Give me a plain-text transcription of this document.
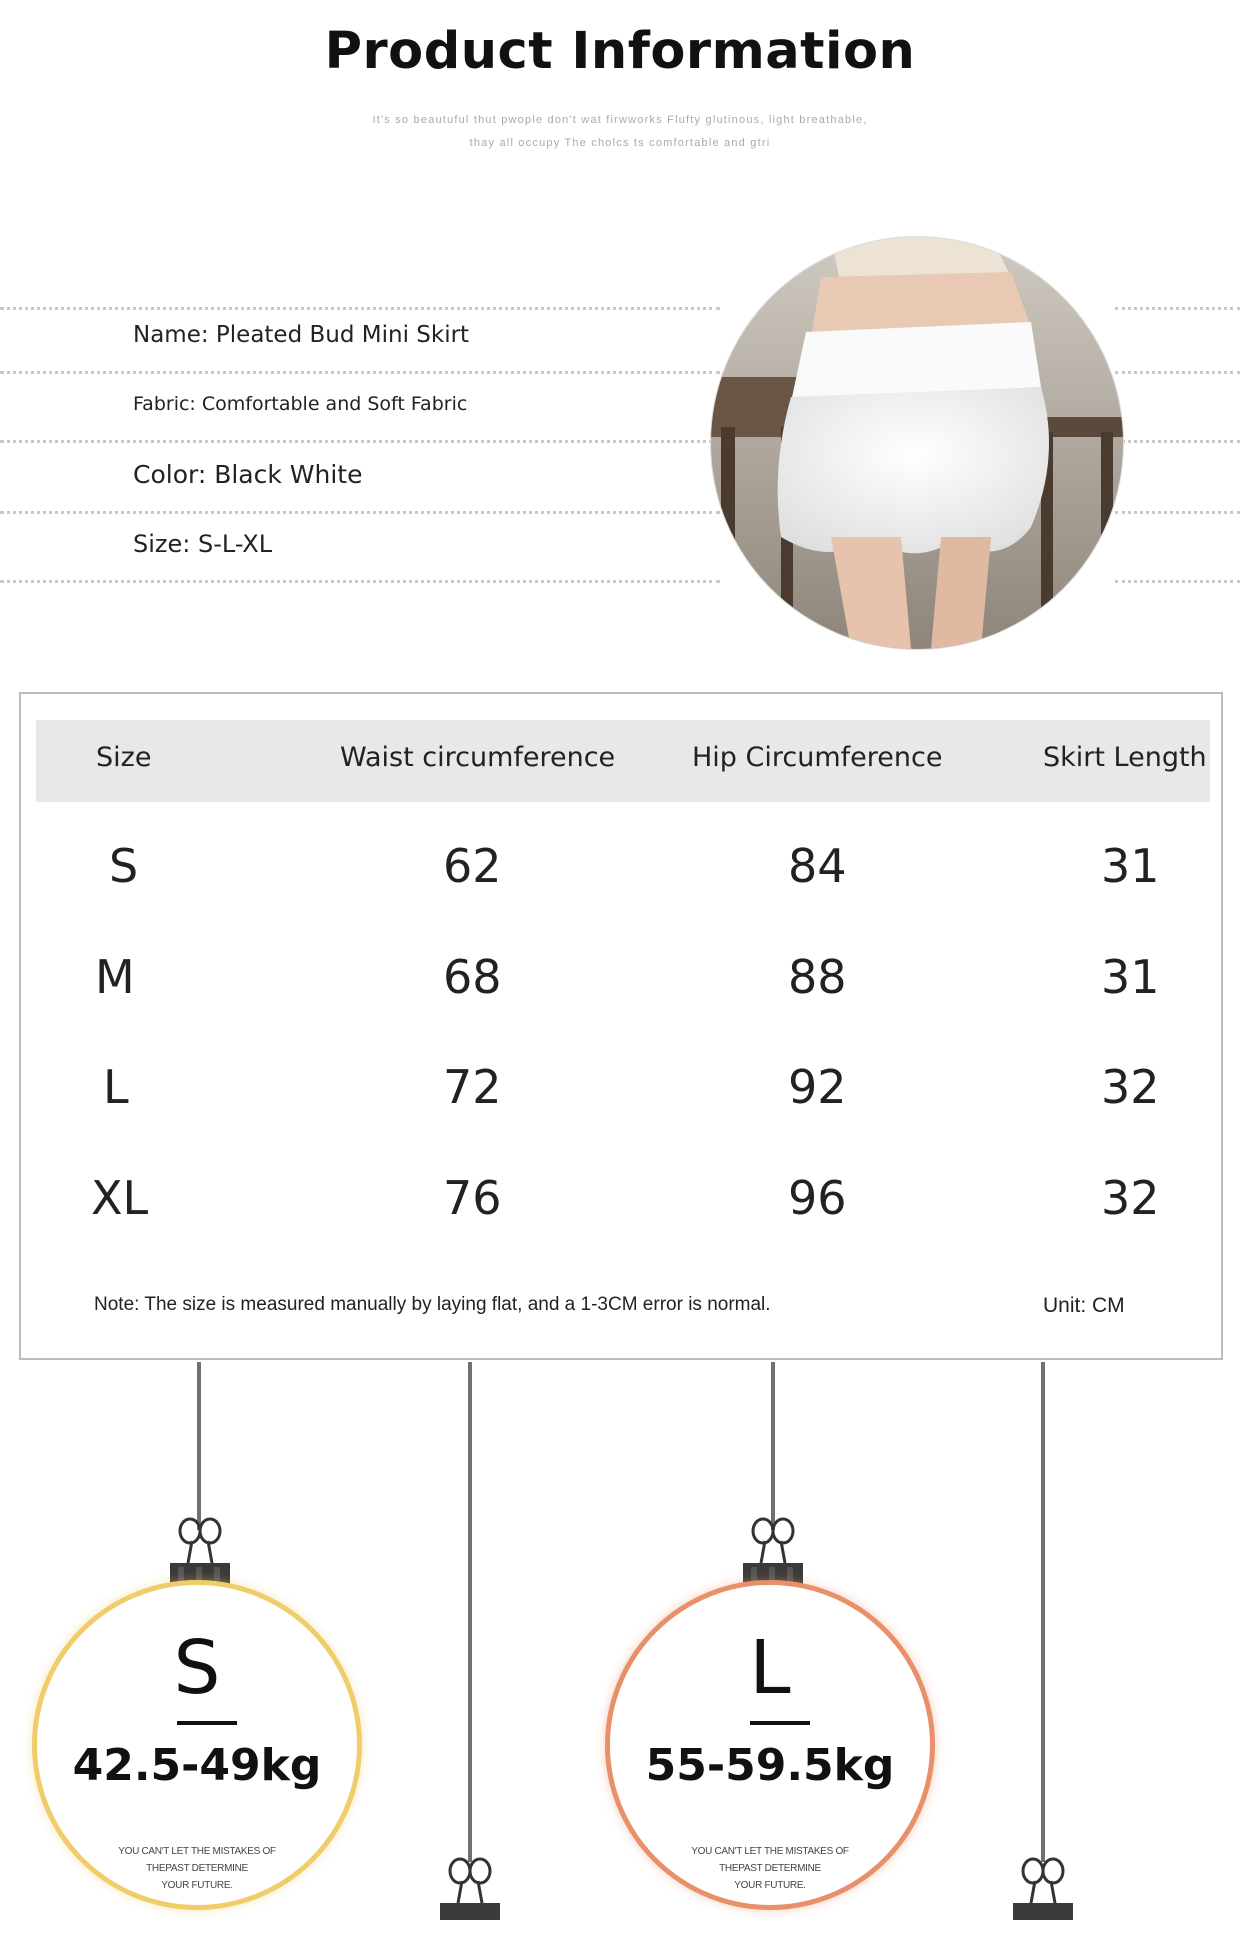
Product Information
It's so beautuful thut pwople don't wat firwworks Flufty glutinous, light breathable,
thay all occupy The cholcs ts comfortable and gtri
Name: Pleated Bud Mini Skirt
Fabric: Comfortable and Soft Fabric
Color: Black White
Size: S-L-XL
Size	Waist circumference	Hip Circumference	Skirt Length
S	62	84	31
M	68	88	31
L	72	92	32
XL	76	96	32
Note: The size is measured manually by laying flat, and a 1-3CM error is normal.	Unit: CM
S
42.5-49kg
YOU CAN'T LET THE MISTAKES OF
THEPAST DETERMINE
YOUR FUTURE.
L
55-59.5kg
YOU CAN'T LET THE MISTAKES OF
THEPAST DETERMINE
YOUR FUTURE.
